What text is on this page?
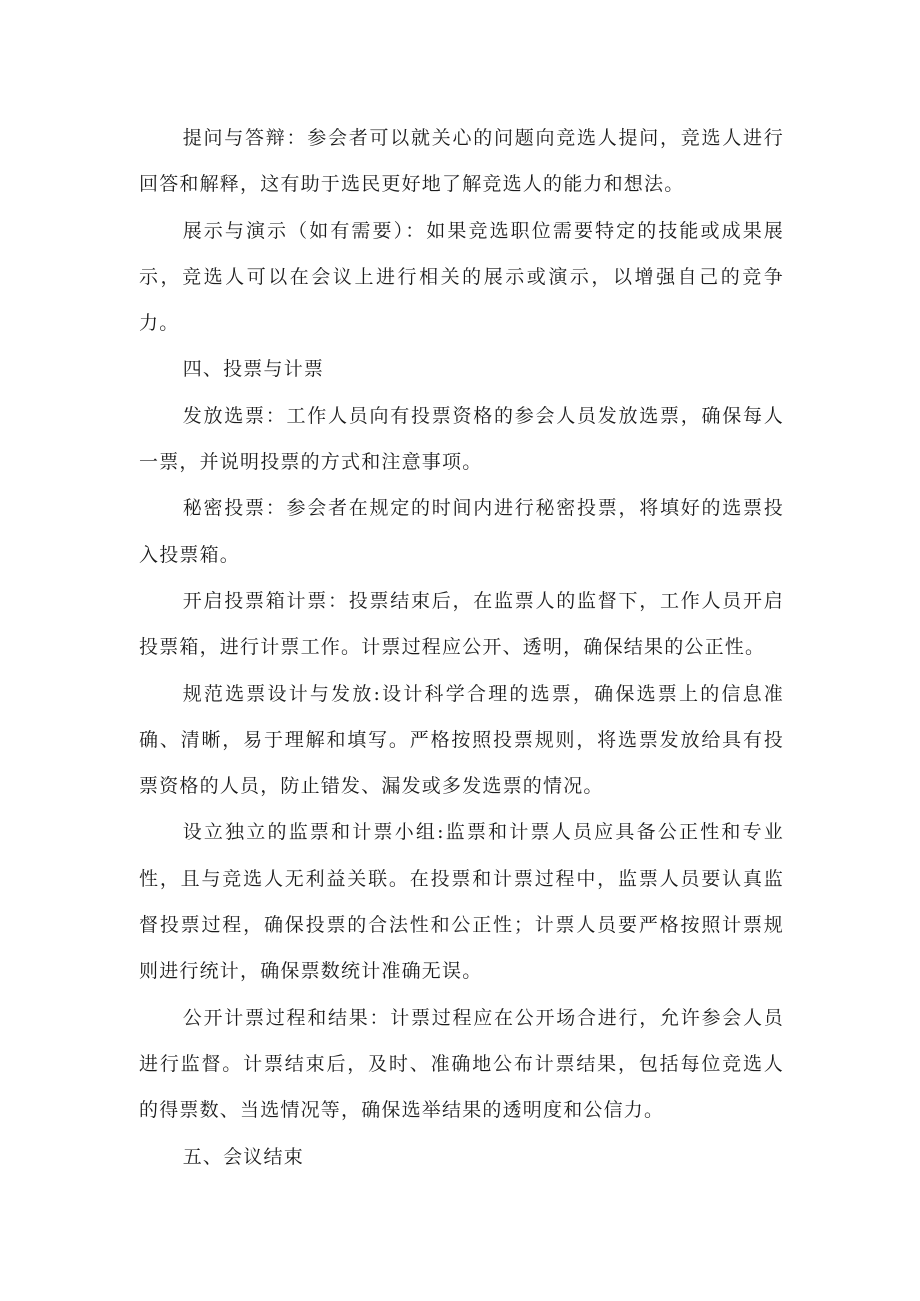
提问与答辩：参会者可以就关心的问题向竞选人提问，竞选人进行回答和解释，这有助于选民更好地了解竞选人的能力和想法。

展示与演示（如有需要）：如果竞选职位需要特定的技能或成果展示，竞选人可以在会议上进行相关的展示或演示，以增强自己的竞争力。

四、投票与计票

发放选票：工作人员向有投票资格的参会人员发放选票，确保每人一票，并说明投票的方式和注意事项。

秘密投票：参会者在规定的时间内进行秘密投票，将填好的选票投入投票箱。

开启投票箱计票：投票结束后，在监票人的监督下，工作人员开启投票箱，进行计票工作。计票过程应公开、透明，确保结果的公正性。

规范选票设计与发放:设计科学合理的选票，确保选票上的信息准确、清晰，易于理解和填写。严格按照投票规则，将选票发放给具有投票资格的人员，防止错发、漏发或多发选票的情况。

设立独立的监票和计票小组:监票和计票人员应具备公正性和专业性，且与竞选人无利益关联。在投票和计票过程中，监票人员要认真监督投票过程，确保投票的合法性和公正性；计票人员要严格按照计票规则进行统计，确保票数统计准确无误。

公开计票过程和结果：计票过程应在公开场合进行，允许参会人员进行监督。计票结束后，及时、准确地公布计票结果，包括每位竞选人的得票数、当选情况等，确保选举结果的透明度和公信力。

五、会议结束
